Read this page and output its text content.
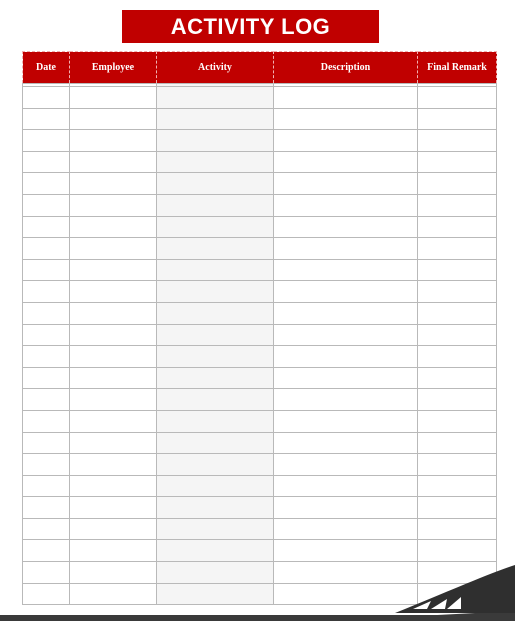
ACTIVITY LOG
Date	Employee	Activity	Description	Final Remark
